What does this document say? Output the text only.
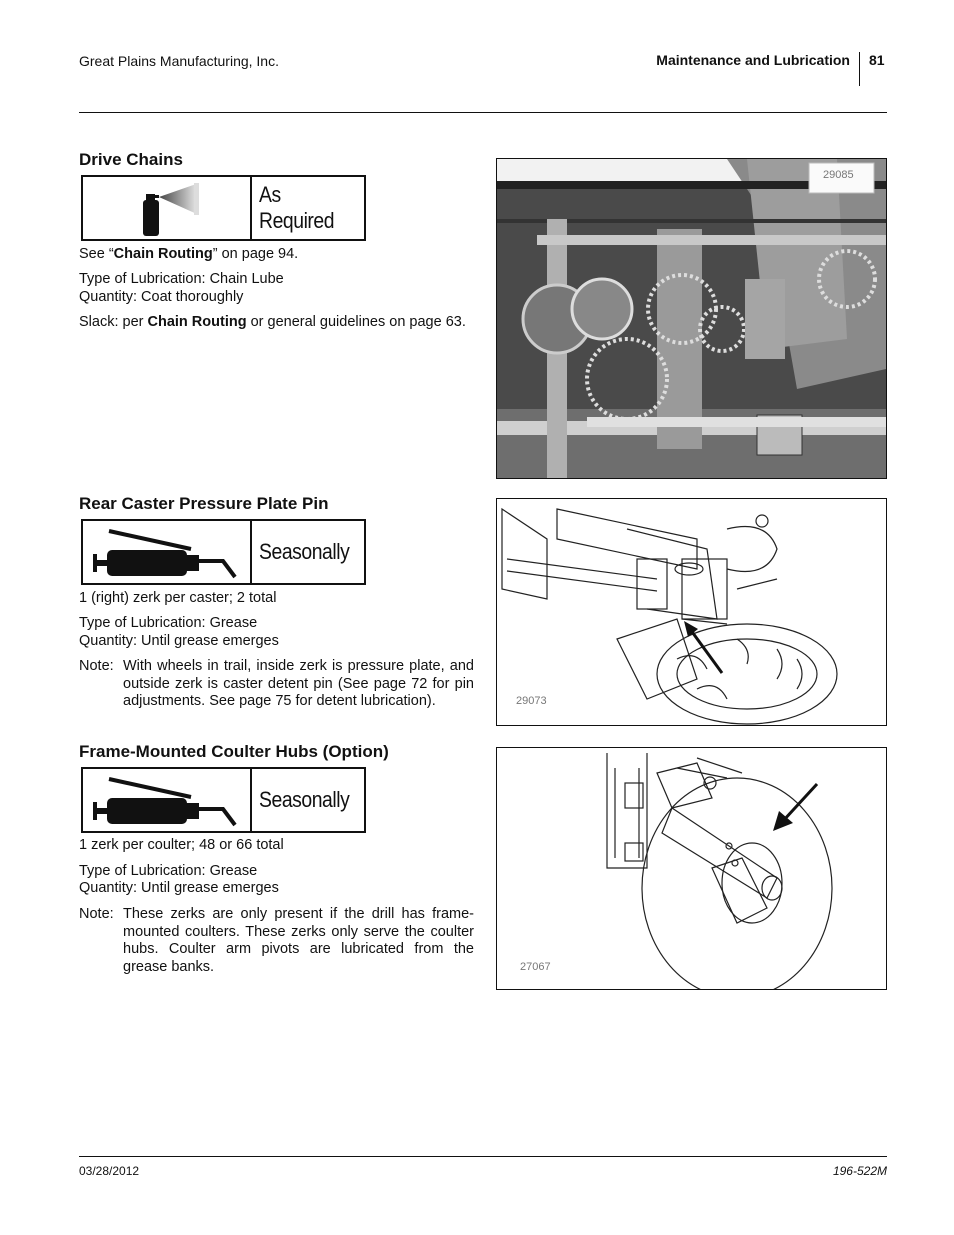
Great Plains Manufacturing, Inc.	Maintenance and Lubrication 81
Drive Chains
As Required
See “Chain Routing” on page 94.
Type of Lubrication: Chain Lube
Quantity: Coat thoroughly
Slack: per Chain Routing or general guidelines on page 63.
29085
Rear Caster Pressure Plate Pin
Seasonally
1 (right) zerk per caster; 2 total
Type of Lubrication: Grease
Quantity: Until grease emerges
Note: With wheels in trail, inside zerk is pressure plate, and outside zerk is caster detent pin (See page 72 for pin adjustments. See page 75 for detent lubrication).	29073
Frame-Mounted Coulter Hubs (Option)
Seasonally
1 zerk per coulter; 48 or 66 total
Type of Lubrication: Grease
Quantity: Until grease emerges
Note: These zerks are only present if the drill has frame-mounted coulters. These zerks only serve the coulter hubs. Coulter arm pivots are lubricated from the grease banks.	27067
03/28/2012	196-522M
